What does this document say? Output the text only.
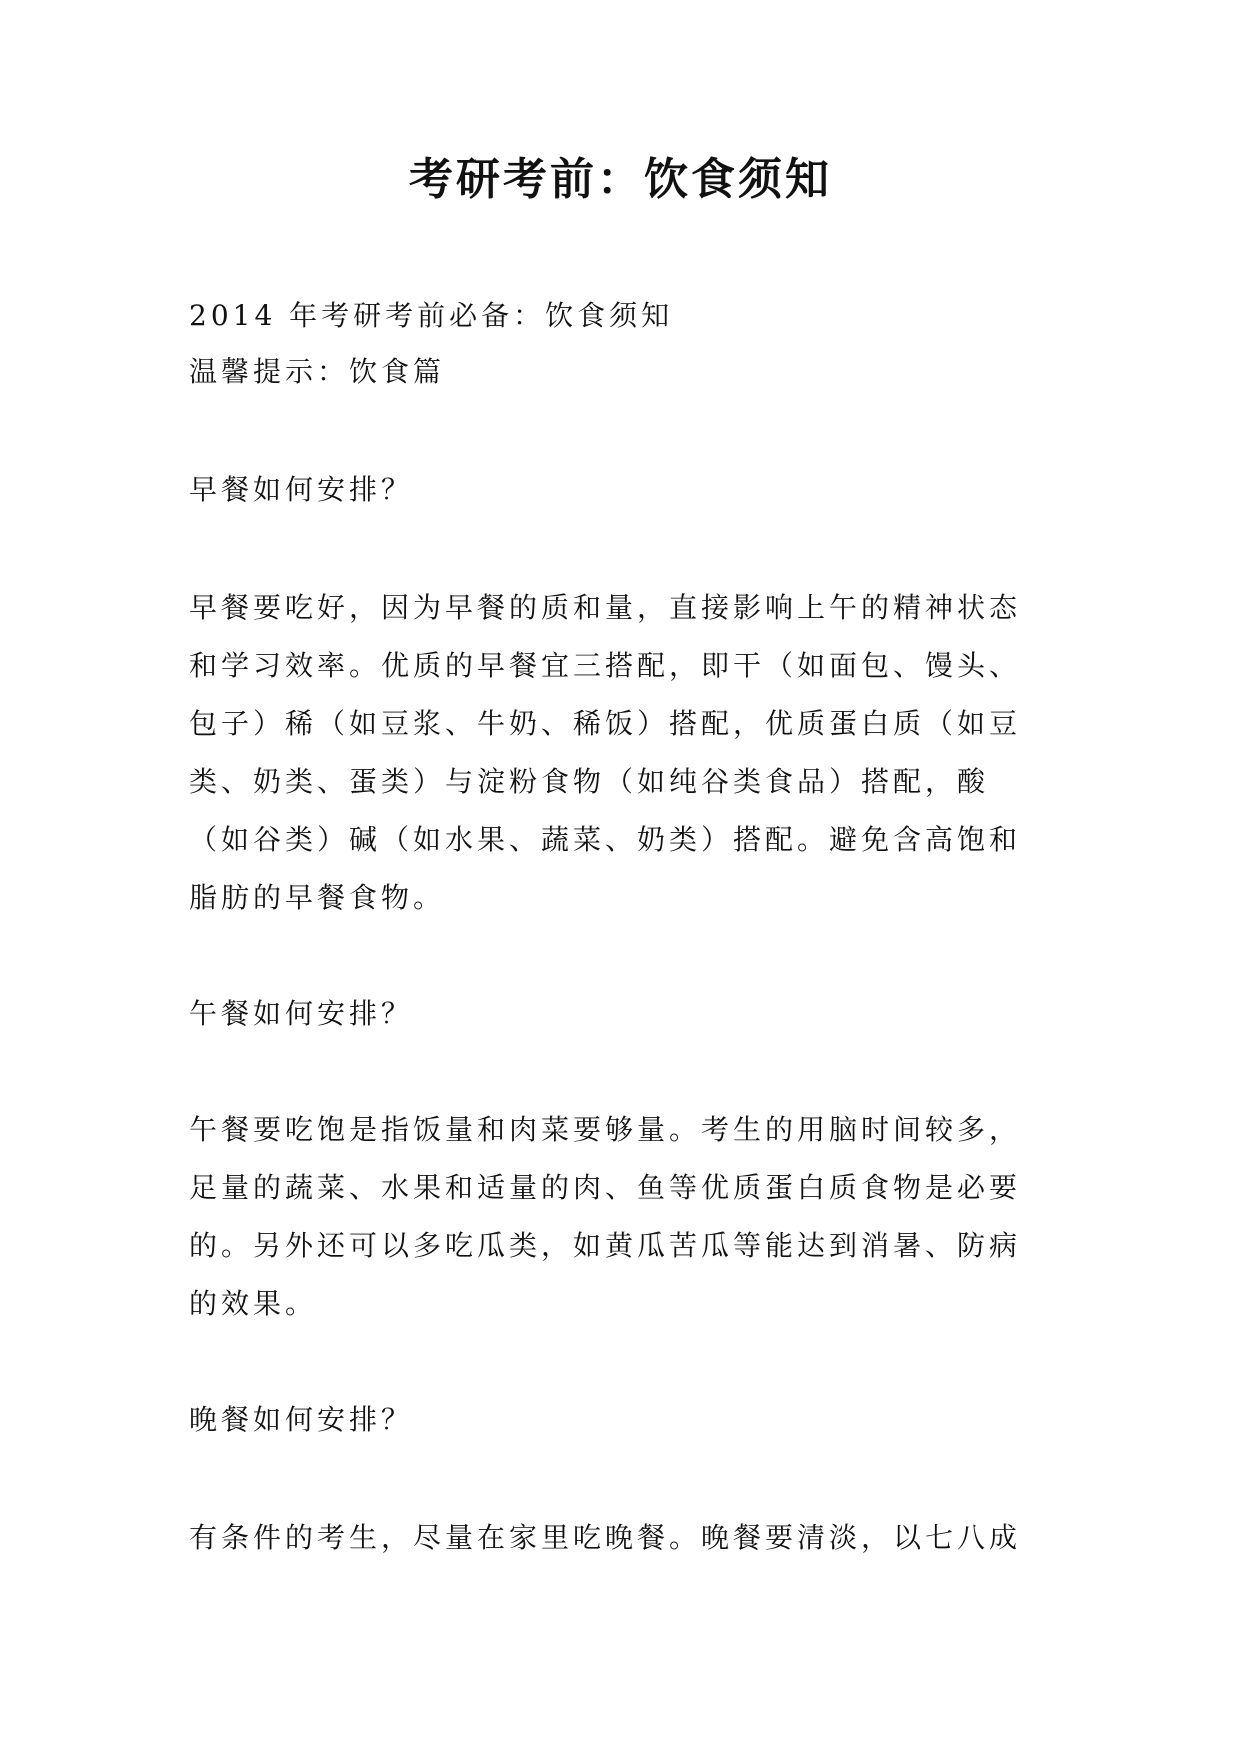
考研考前：饮食须知
2014 年考研考前必备：饮食须知
温馨提示：饮食篇
早餐如何安排？
早餐要吃好，因为早餐的质和量，直接影响上午的精神状态
和学习效率。优质的早餐宜三搭配，即干（如面包、馒头、
包子）稀（如豆浆、牛奶、稀饭）搭配，优质蛋白质（如豆
类、奶类、蛋类）与淀粉食物（如纯谷类食品）搭配，酸
（如谷类）碱（如水果、蔬菜、奶类）搭配。避免含高饱和
脂肪的早餐食物。
午餐如何安排？
午餐要吃饱是指饭量和肉菜要够量。考生的用脑时间较多，
足量的蔬菜、水果和适量的肉、鱼等优质蛋白质食物是必要
的。另外还可以多吃瓜类，如黄瓜苦瓜等能达到消暑、防病
的效果。
晚餐如何安排？
有条件的考生，尽量在家里吃晚餐。晚餐要清淡，以七八成
